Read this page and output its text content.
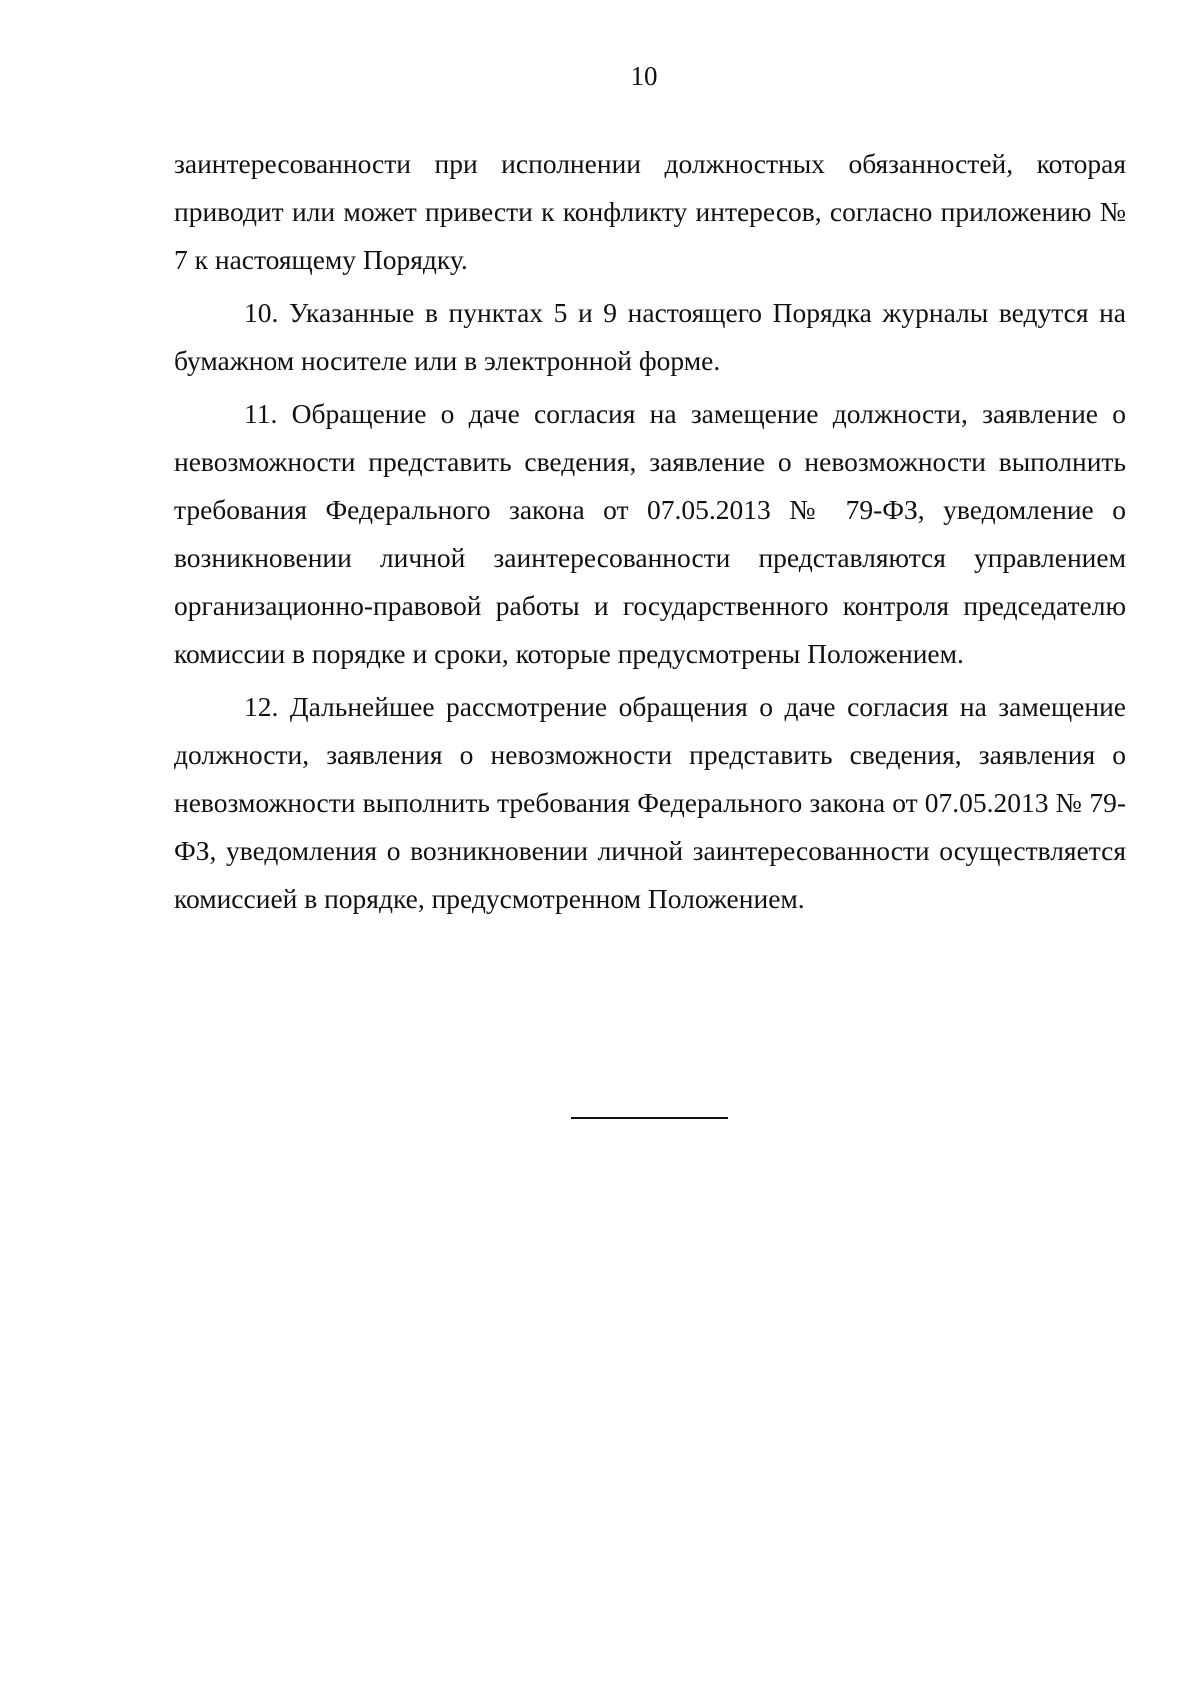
10

заинтересованности при исполнении должностных обязанностей, которая приводит или может привести к конфликту интересов, согласно приложению № 7 к настоящему Порядку.

10. Указанные в пунктах 5 и 9 настоящего Порядка журналы ведутся на бумажном носителе или в электронной форме.

11. Обращение о даче согласия на замещение должности, заявление о невозможности представить сведения, заявление о невозможности выполнить требования Федерального закона от 07.05.2013 № 79-ФЗ, уведомление о возникновении личной заинтересованности представляются управлением организационно-правовой работы и государственного контроля председателю комиссии в порядке и сроки, которые предусмотрены Положением.

12. Дальнейшее рассмотрение обращения о даче согласия на замещение должности, заявления о невозможности представить сведения, заявления о невозможности выполнить требования Федерального закона от 07.05.2013 № 79-ФЗ, уведомления о возникновении личной заинтересованности осуществляется комиссией в порядке, предусмотренном Положением.
